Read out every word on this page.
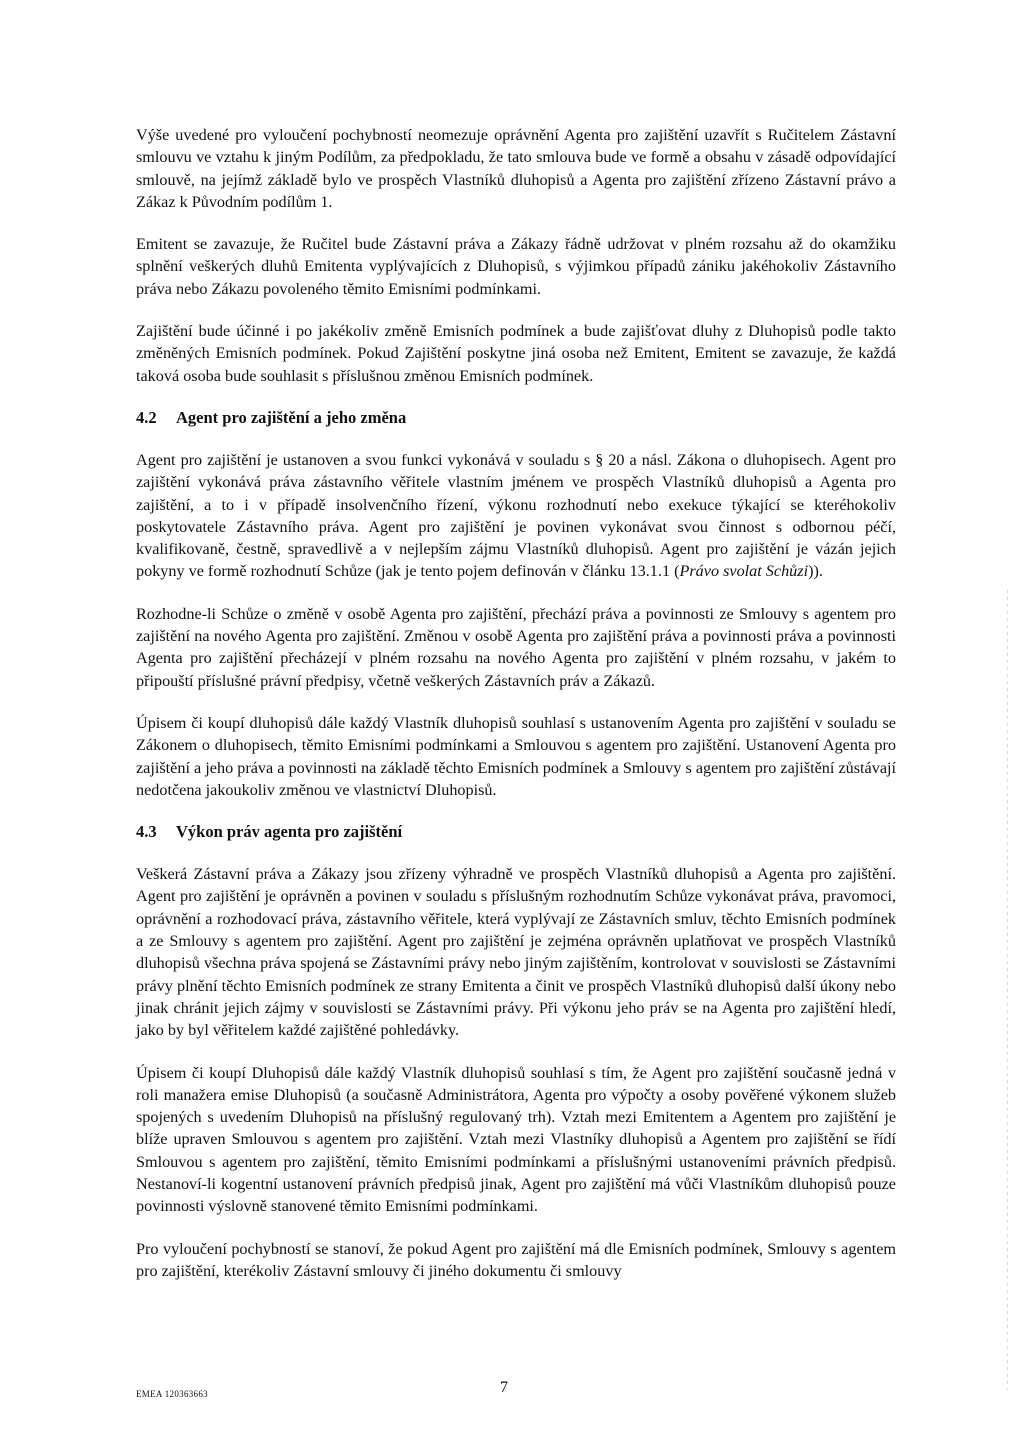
Výše uvedené pro vyloučení pochybností neomezuje oprávnění Agenta pro zajištění uzavřít s Ručitelem Zástavní smlouvu ve vztahu k jiným Podílům, za předpokladu, že tato smlouva bude ve formě a obsahu v zásadě odpovídající smlouvě, na jejímž základě bylo ve prospěch Vlastníků dluhopisů a Agenta pro zajištění zřízeno Zástavní právo a Zákaz k Původním podílům 1.

Emitent se zavazuje, že Ručitel bude Zástavní práva a Zákazy řádně udržovat v plném rozsahu až do okamžiku splnění veškerých dluhů Emitenta vyplývajících z Dluhopisů, s výjimkou případů zániku jakéhokoliv Zástavního práva nebo Zákazu povoleného těmito Emisními podmínkami.

Zajištění bude účinné i po jakékoliv změně Emisních podmínek a bude zajišťovat dluhy z Dluhopisů podle takto změněných Emisních podmínek. Pokud Zajištění poskytne jiná osoba než Emitent, Emitent se zavazuje, že každá taková osoba bude souhlasit s příslušnou změnou Emisních podmínek.

4.2 Agent pro zajištění a jeho změna

Agent pro zajištění je ustanoven a svou funkci vykonává v souladu s § 20 a násl. Zákona o dluhopisech. Agent pro zajištění vykonává práva zástavního věřitele vlastním jménem ve prospěch Vlastníků dluhopisů a Agenta pro zajištění, a to i v případě insolvenčního řízení, výkonu rozhodnutí nebo exekuce týkající se kteréhokoliv poskytovatele Zástavního práva. Agent pro zajištění je povinen vykonávat svou činnost s odbornou péčí, kvalifikovaně, čestně, spravedlivě a v nejlepším zájmu Vlastníků dluhopisů. Agent pro zajištění je vázán jejich pokyny ve formě rozhodnutí Schůze (jak je tento pojem definován v článku 13.1.1 (Právo svolat Schůzi)).

Rozhodne-li Schůze o změně v osobě Agenta pro zajištění, přechází práva a povinnosti ze Smlouvy s agentem pro zajištění na nového Agenta pro zajištění. Změnou v osobě Agenta pro zajištění práva a povinnosti práva a povinnosti Agenta pro zajištění přecházejí v plném rozsahu na nového Agenta pro zajištění v plném rozsahu, v jakém to připouští příslušné právní předpisy, včetně veškerých Zástavních práv a Zákazů.

Úpisem či koupí dluhopisů dále každý Vlastník dluhopisů souhlasí s ustanovením Agenta pro zajištění v souladu se Zákonem o dluhopisech, těmito Emisními podmínkami a Smlouvou s agentem pro zajištění. Ustanovení Agenta pro zajištění a jeho práva a povinnosti na základě těchto Emisních podmínek a Smlouvy s agentem pro zajištění zůstávají nedotčena jakoukoliv změnou ve vlastnictví Dluhopisů.

4.3 Výkon práv agenta pro zajištění

Veškerá Zástavní práva a Zákazy jsou zřízeny výhradně ve prospěch Vlastníků dluhopisů a Agenta pro zajištění. Agent pro zajištění je oprávněn a povinen v souladu s příslušným rozhodnutím Schůze vykonávat práva, pravomoci, oprávnění a rozhodovací práva, zástavního věřitele, která vyplývají ze Zástavních smluv, těchto Emisních podmínek a ze Smlouvy s agentem pro zajištění. Agent pro zajištění je zejména oprávněn uplatňovat ve prospěch Vlastníků dluhopisů všechna práva spojená se Zástavními právy nebo jiným zajištěním, kontrolovat v souvislosti se Zástavními právy plnění těchto Emisních podmínek ze strany Emitenta a činit ve prospěch Vlastníků dluhopisů další úkony nebo jinak chránit jejich zájmy v souvislosti se Zástavními právy. Při výkonu jeho práv se na Agenta pro zajištění hledí, jako by byl věřitelem každé zajištěné pohledávky.

Úpisem či koupí Dluhopisů dále každý Vlastník dluhopisů souhlasí s tím, že Agent pro zajištění současně jedná v roli manažera emise Dluhopisů (a současně Administrátora, Agenta pro výpočty a osoby pověřené výkonem služeb spojených s uvedením Dluhopisů na příslušný regulovaný trh). Vztah mezi Emitentem a Agentem pro zajištění je blíže upraven Smlouvou s agentem pro zajištění. Vztah mezi Vlastníky dluhopisů a Agentem pro zajištění se řídí Smlouvou s agentem pro zajištění, těmito Emisními podmínkami a příslušnými ustanoveními právních předpisů. Nestanoví-li kogentní ustanovení právních předpisů jinak, Agent pro zajištění má vůči Vlastníkům dluhopisů pouze povinnosti výslovně stanovené těmito Emisními podmínkami.

Pro vyloučení pochybností se stanoví, že pokud Agent pro zajištění má dle Emisních podmínek, Smlouvy s agentem pro zajištění, kterékoliv Zástavní smlouvy či jiného dokumentu či smlouvy

EMEA 120363663	7
